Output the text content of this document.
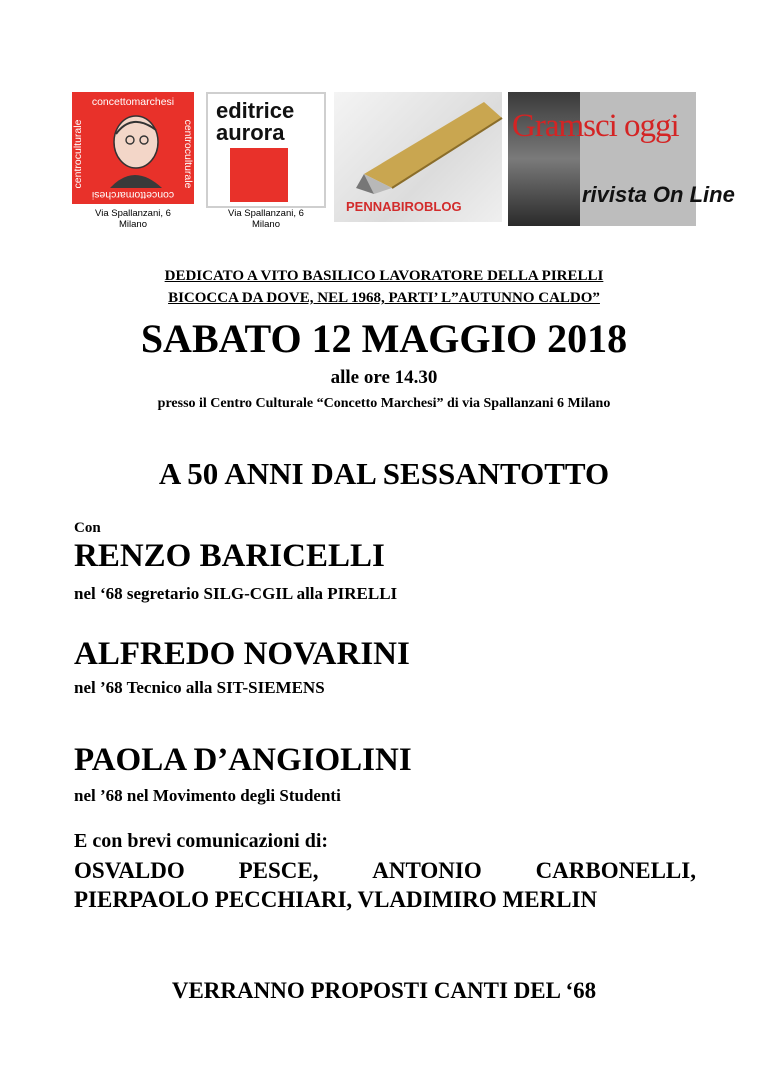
concettomarchesi
concettomarchesi
centroculturale	centroculturale
Via Spallanzani, 6
Milano
editrice
aurora
Via Spallanzani, 6
Milano
PENNABIROBLOG
Gramsci oggi
rivista On Line
DEDICATO A VITO BASILICO LAVORATORE DELLA PIRELLI
BICOCCA DA DOVE, NEL 1968, PARTI’ L”AUTUNNO CALDO”
SABATO 12 MAGGIO 2018
alle ore 14.30
presso il Centro Culturale “Concetto Marchesi” di via Spallanzani 6 Milano
A 50 ANNI DAL SESSANTOTTO
Con
RENZO BARICELLI
nel ‘68 segretario SILG-CGIL alla PIRELLI
ALFREDO NOVARINI
nel ’68 Tecnico alla SIT-SIEMENS
PAOLA D’ANGIOLINI
nel ’68 nel Movimento degli Studenti
E con brevi comunicazioni di:
OSVALDO PESCE, ANTONIO CARBONELLI,
PIERPAOLO PECCHIARI, VLADIMIRO MERLIN
VERRANNO PROPOSTI CANTI DEL ‘68
